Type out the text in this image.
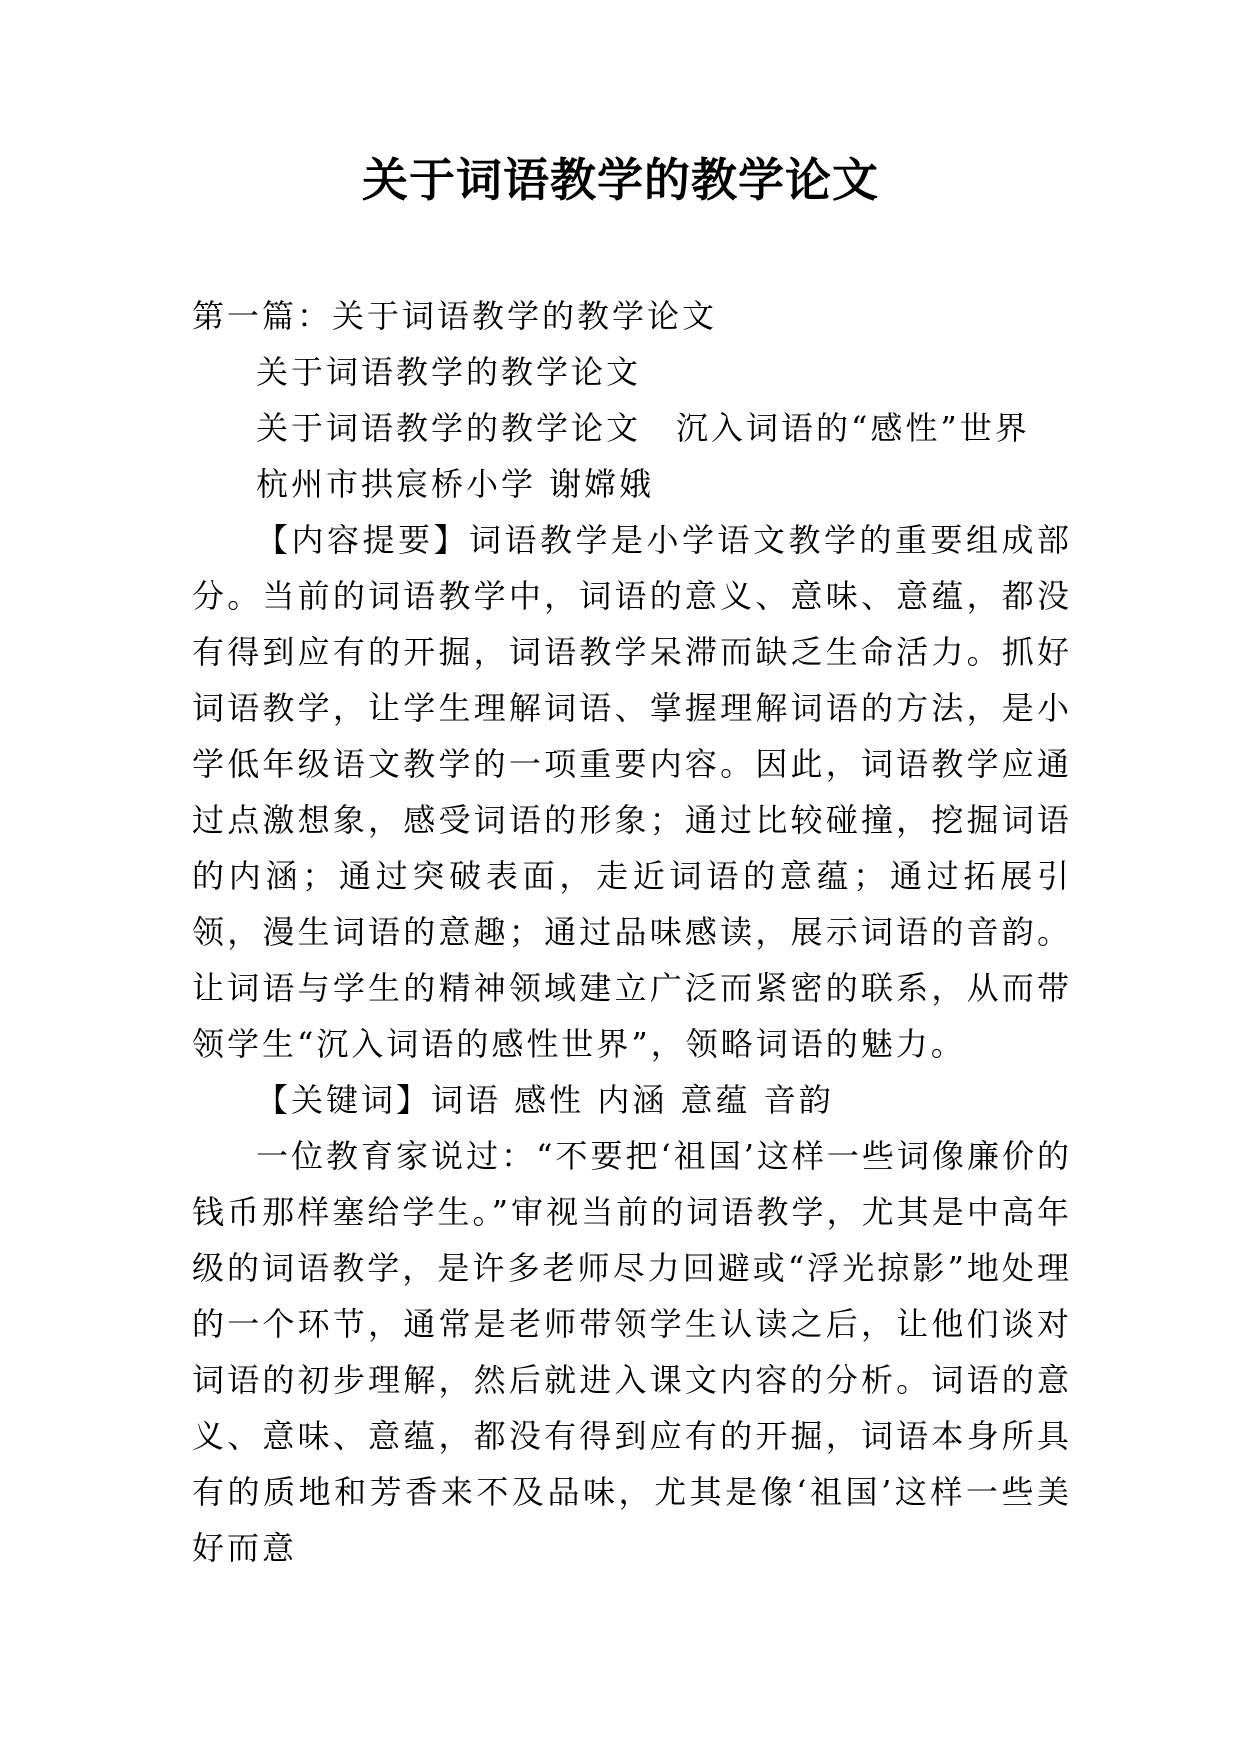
关于词语教学的教学论文

第一篇：关于词语教学的教学论文

关于词语教学的教学论文

关于词语教学的教学论文　沉入词语的“感性”世界

杭州市拱宸桥小学 谢嫦娥

【内容提要】词语教学是小学语文教学的重要组成部分。当前的词语教学中，词语的意义、意味、意蕴，都没有得到应有的开掘，词语教学呆滞而缺乏生命活力。抓好词语教学，让学生理解词语、掌握理解词语的方法，是小学低年级语文教学的一项重要内容。因此，词语教学应通过点激想象，感受词语的形象；通过比较碰撞，挖掘词语的内涵；通过突破表面，走近词语的意蕴；通过拓展引领，漫生词语的意趣；通过品味感读，展示词语的音韵。让词语与学生的精神领域建立广泛而紧密的联系，从而带领学生“沉入词语的感性世界”，领略词语的魅力。

【关键词】词语 感性 内涵 意蕴 音韵

一位教育家说过：“不要把‘祖国’这样一些词像廉价的钱币那样塞给学生。”审视当前的词语教学，尤其是中高年级的词语教学，是许多老师尽力回避或“浮光掠影”地处理的一个环节，通常是老师带领学生认读之后，让他们谈对词语的初步理解，然后就进入课文内容的分析。词语的意义、意味、意蕴，都没有得到应有的开掘，词语本身所具有的质地和芳香来不及品味，尤其是像‘祖国’这样一些美好而意
